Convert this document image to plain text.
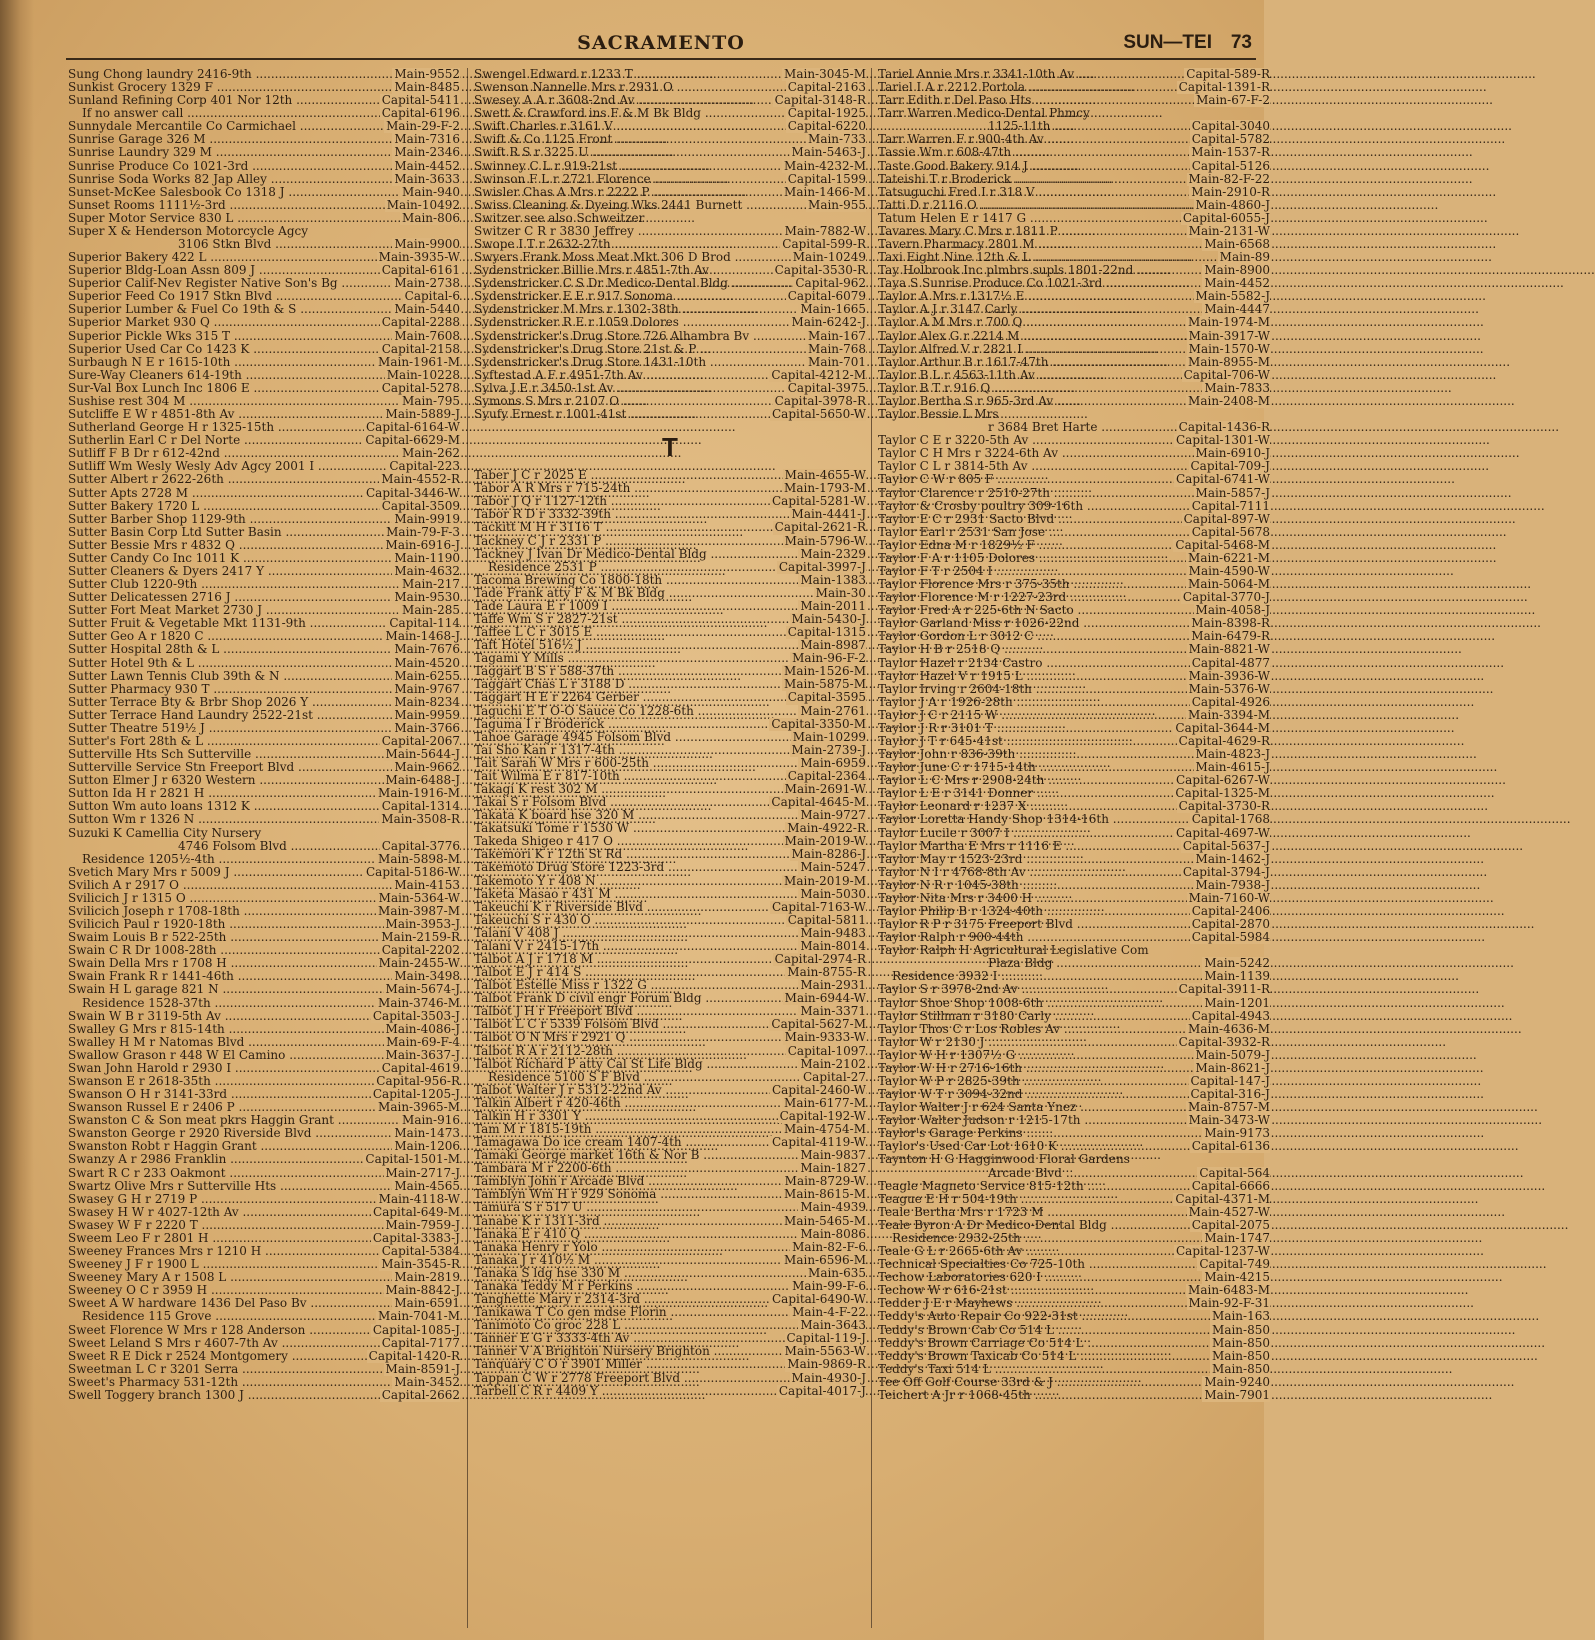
SACRAMENTO	SUN—TEI 73
Sung Chong laundry 2416-9th .....	Main-9552
Sunkist Grocery 1329 F .....	Main-8485
Sunland Refining Corp 401 Nor 12th .....	Capital-5411
If no answer call .....	Capital-6196
Sunnydale Mercantile Co Carmichael .....	Main-29-F-2
Sunrise Garage 326 M .....	Main-7316
Sunrise Laundry 329 M .....	Main-2346
Sunrise Produce Co 1021-3rd .....	Main-4452
Sunrise Soda Works 82 Jap Alley .....	Main-3633
Sunset-McKee Salesbook Co 1318 J .....	Main-940
Sunset Rooms 1111½-3rd .....	Main-10492
Super Motor Service 830 L .....	Main-806
Super X & Henderson Motorcycle Agcy
3106 Stkn Blvd .....	Main-9900
Superior Bakery 422 L .....	Main-3935-W
Superior Bldg-Loan Assn 809 J .....	Capital-6161
Superior Calif-Nev Register Native Son's Bg .....	Main-2738
Superior Feed Co 1917 Stkn Blvd .....	Capital-6
Superior Lumber & Fuel Co 19th & S .....	Main-5440
Superior Market 930 Q .....	Capital-2288
Superior Pickle Wks 315 T .....	Main-7608
Superior Used Car Co 1423 K .....	Capital-2158
Surbaugh N E r 1615-10th .....	Main-1961-M
Sure-Way Cleaners 614-19th .....	Main-10228
Sur-Val Box Lunch Inc 1806 E .....	Capital-5278
Sushise rest 304 M .....	Main-795
Sutcliffe E W r 4851-8th Av .....	Main-5889-J
Sutherland George H r 1325-15th .....	Capital-6164-W
Sutherlin Earl C r Del Norte .....	Capital-6629-M
Sutliff F B Dr r 612-42nd .....	Main-262
Sutliff Wm Wesly Wesly Adv Agcy 2001 I .....	Capital-223
Sutter Albert r 2622-26th .....	Main-4552-R
Sutter Apts 2728 M .....	Capital-3446-W
Sutter Bakery 1720 L .....	Capital-3509
Sutter Barber Shop 1129-9th .....	Main-9919
Sutter Basin Corp Ltd Sutter Basin .....	Main-79-F-3
Sutter Bessie Mrs r 4832 Q .....	Main-6916-J
Sutter Candy Co Inc 1011 K .....	Main-1190
Sutter Cleaners & Dyers 2417 Y .....	Main-4632
Sutter Club 1220-9th .....	Main-217
Sutter Delicatessen 2716 J .....	Main-9530
Sutter Fort Meat Market 2730 J .....	Main-285
Sutter Fruit & Vegetable Mkt 1131-9th .....	Capital-114
Sutter Geo A r 1820 C .....	Main-1468-J
Sutter Hospital 28th & L .....	Main-7676
Sutter Hotel 9th & L .....	Main-4520
Sutter Lawn Tennis Club 39th & N .....	Main-6255
Sutter Pharmacy 930 T .....	Main-9767
Sutter Terrace Bty & Brbr Shop 2026 Y .....	Main-8234
Sutter Terrace Hand Laundry 2522-21st .....	Main-9959
Sutter Theatre 519½ J .....	Main-3766
Sutter's Fort 28th & L .....	Capital-2067
Sutterville Hts Sch Sutterville .....	Main-5644-J
Sutterville Service Stn Freeport Blvd .....	Main-9662
Sutton Elmer J r 6320 Western .....	Main-6488-J
Sutton Ida H r 2821 H .....	Main-1916-M
Sutton Wm auto loans 1312 K .....	Capital-1314
Sutton Wm r 1326 N .....	Main-3508-R
Suzuki K Camellia City Nursery
4746 Folsom Blvd .....	Capital-3776
Residence 1205½-4th .....	Main-5898-M
Svetich Mary Mrs r 5009 J .....	Capital-5186-W
Svilich A r 2917 O .....	Main-4153
Svilicich J r 1315 O .....	Main-5364-W
Svilicich Joseph r 1708-18th .....	Main-3987-M
Svilicich Paul r 1920-18th .....	Main-3953-J
Swaim Louis B r 522-25th .....	Main-2159-R
Swain C R Dr 1008-28th .....	Capital-2202
Swain Della Mrs r 1708 H .....	Main-2455-W
Swain Frank R r 1441-46th .....	Main-3498
Swain H L garage 821 N .....	Main-5674-J
Residence 1528-37th .....	Main-3746-M
Swain W B r 3119-5th Av .....	Capital-3503-J
Swalley G Mrs r 815-14th .....	Main-4086-J
Swalley H M r Natomas Blvd .....	Main-69-F-4
Swallow Grason r 448 W El Camino .....	Main-3637-J
Swan John Harold r 2930 I .....	Capital-4619
Swanson E r 2618-35th .....	Capital-956-R
Swanson O H r 3141-33rd .....	Capital-1205-J
Swanson Russel E r 2406 P .....	Main-3965-M
Swanston C & Son meat pkrs Haggin Grant .....	Main-916
Swanston George r 2920 Riverside Blvd .....	Main-1473
Swanston Robt r Haggin Grant .....	Main-1206
Swanzy A r 2986 Franklin .....	Capital-1501-M
Swart R C r 233 Oakmont .....	Main-2717-J
Swartz Olive Mrs r Sutterville Hts .....	Main-4565
Swasey G H r 2719 P .....	Main-4118-W
Swasey H W r 4027-12th Av .....	Capital-649-M
Swasey W F r 2220 T .....	Main-7959-J
Sweem Leo F r 2801 H .....	Capital-3383-J
Sweeney Frances Mrs r 1210 H .....	Capital-5384
Sweeney J F r 1900 L .....	Main-3545-R
Sweeney Mary A r 1508 L .....	Main-2819
Sweeney O C r 3959 H .....	Main-8842-J
Sweet A W hardware 1436 Del Paso Bv .....	Main-6591
Residence 115 Grove .....	Main-7041-M
Sweet Florence W Mrs r 128 Anderson .....	Capital-1085-J
Sweet Leland S Mrs r 4607-7th Av .....	Capital-7177
Sweet R E Dick r 2524 Montgomery .....	Capital-1420-R
Sweetman L C r 3201 Serra .....	Main-8591-J
Sweet's Pharmacy 531-12th .....	Main-3452
Swell Toggery branch 1300 J .....	Capital-2662
Swengel Edward r 1233 T .....	Main-3045-M
Swenson Nannelle Mrs r 2931 O .....	Capital-2163
Swesey A A r 3608-2nd Av .....	Capital-3148-R
Swett & Crawford ins F & M Bk Bldg .....	Capital-1925
Swift Charles r 3161 V .....	Capital-6220
Swift & Co 1125 Front .....	Main-733
Swift R S r 3225 U .....	Main-5463-J
Swinney C L r 919-21st .....	Main-4232-M
Swinson F L r 2721 Florence .....	Capital-1599
Swisler Chas A Mrs r 2222 P .....	Main-1466-M
Swiss Cleaning & Dyeing Wks 2441 Burnett .....	Main-955
Switzer see also Schweitzer
Switzer C R r 3830 Jeffrey .....	Main-7882-W
Swope I T r 2632-27th .....	Capital-599-R
Swyers Frank Moss Meat Mkt 306 D Brod .....	Main-10249
Sydenstricker Billie Mrs r 4851-7th Av .....	Capital-3530-R
Sydenstricker C S Dr Medico-Dental Bldg .....	Capital-962
Sydenstricker E E r 917 Sonoma .....	Capital-6079
Sydenstricker M Mrs r 1302-38th .....	Main-1665
Sydenstricker R E r 1059 Dolores .....	Main-6242-J
Sydenstricker's Drug Store 726 Alhambra Bv .....	Main-167
Sydenstricker's Drug Store 21st & P .....	Main-768
Sydenstricker's Drug Store 1431-10th .....	Main-701
Syftestad A F r 4951-7th Av .....	Capital-4212-M
Sylva J E r 3450-1st Av .....	Capital-3975
Symons S Mrs r 2107 O .....	Capital-3978-R
Syufy Ernest r 1001-41st .....	Capital-5650-W
T
Taber J C r 2025 E .....	Main-4655-W
Tabor A R Mrs r 715-24th .....	Main-1793-M
Tabor J Q r 1127-12th .....	Capital-5281-W
Tabor R D r 3332-39th .....	Main-4441-J
Tackitt M H r 3116 T .....	Capital-2621-R
Tackney C J r 2331 P .....	Main-5796-W
Tackney J Ivan Dr Medico-Dental Bldg .....	Main-2329
Residence 2531 P .....	Capital-3997-J
Tacoma Brewing Co 1800-18th .....	Main-1383
Tade Frank atty F & M Bk Bldg .....	Main-30
Tade Laura E r 1009 I .....	Main-2011
Taffe Wm S r 2827-21st .....	Main-5430-J
Taffee L C r 3015 E .....	Capital-1315
Taft Hotel 516½ J .....	Main-8987
Tagami Y Mills .....	Main-96-F-2
Taggart B S r 588-37th .....	Main-1526-M
Taggart Chas L r 3188 D .....	Main-5875-M
Taggart H E r 2264 Gerber .....	Capital-3595
Taguchi E T O-O Sauce Co 1228-6th .....	Main-2761
Taguma I r Broderick .....	Capital-3350-M
Tahoe Garage 4945 Folsom Blvd .....	Main-10299
Tai Sho Kan r 1317-4th .....	Main-2739-J
Tait Sarah W Mrs r 600-25th .....	Main-6959
Tait Wilma E r 817-10th .....	Capital-2364
Takagi K rest 302 M .....	Main-2691-W
Takai S r Folsom Blvd .....	Capital-4645-M
Takata K board hse 320 M .....	Main-9727
Takatsuki Tome r 1530 W .....	Main-4922-R
Takeda Shigeo r 417 O .....	Main-2019-W
Takemori K r 12th St Rd .....	Main-8286-J
Takemoto Drug Store 1223-3rd .....	Main-5247
Takemoto Y r 408 N .....	Main-2019-M
Taketa Masao r 431 M .....	Main-5030
Takeuchi K r Riverside Blvd .....	Capital-7163-W
Takeuchi S r 430 O .....	Capital-5811
Talani V 408 J .....	Main-9483
Talani V r 2415-17th .....	Main-8014
Talbot A J r 1718 M .....	Capital-2974-R
Talbot E J r 414 S .....	Main-8755-R
Talbot Estelle Miss r 1322 G .....	Main-2931
Talbot Frank D civil engr Forum Bldg .....	Main-6944-W
Talbot J H r Freeport Blvd .....	Main-3371
Talbot L C r 5339 Folsom Blvd .....	Capital-5627-M
Talbot O N Mrs r 2921 Q .....	Main-9333-W
Talbot R A r 2112-28th .....	Capital-1097
Talbot Richard P atty Cal St Life Bldg .....	Main-2102
Residence 5100 S F Blvd .....	Capital-27
Talbot Walter J r 5312-22nd Av .....	Capital-2460-W
Talkin Albert r 420-46th .....	Main-6177-M
Talkin H r 3301 Y .....	Capital-192-W
Tam M r 1815-19th .....	Main-4754-M
Tamagawa Do ice cream 1407-4th .....	Capital-4119-W
Tamaki George market 16th & Nor B .....	Main-9837
Tambara M r 2200-6th .....	Main-1827
Tamblyn John r Arcade Blvd .....	Main-8729-W
Tamblyn Wm H r 929 Sonoma .....	Main-8615-M
Tamura S r 517 U .....	Main-4939
Tanabe K r 1311-3rd .....	Main-5465-M
Tanaka E r 410 Q .....	Main-8086
Tanaka Henry r Yolo .....	Main-82-F-6
Tanaka J r 410½ M .....	Main-6596-M
Tanaka S ldg hse 330 M .....	Main-635
Tanaka Teddy M r Perkins .....	Main-99-F-6
Tanghette Mary r 2314-3rd .....	Capital-6490-W
Tanikawa T Co gen mdse Florin .....	Main-4-F-22
Tanimoto Co groc 228 L .....	Main-3643
Tanner E G r 3333-4th Av .....	Capital-119-J
Tanner V A Brighton Nursery Brighton .....	Main-5563-W
Tanquary C O r 3901 Miller .....	Main-9869-R
Tappan C W r 2778 Freeport Blvd .....	Main-4930-J
Tarbell C R r 4409 Y .....	Capital-4017-J
Tariel Annie Mrs r 3341-10th Av .....	Capital-589-R
Tariel I A r 2212 Portola .....	Capital-1391-R
Tarr Edith r Del Paso Hts .....	Main-67-F-2
Tarr Warren Medico-Dental Phmcy
1125-11th .....	Capital-3040
Tarr Warren F r 900-4th Av .....	Capital-5782
Tassie Wm r 608-47th .....	Main-1537-R
Taste Good Bakery 914 J .....	Capital-5126
Tateishi T r Broderick .....	Main-82-F-22
Tatsuguchi Fred I r 318 V .....	Main-2910-R
Tatti D r 2116 O .....	Main-4860-J
Tatum Helen E r 1417 G .....	Capital-6055-J
Tavares Mary C Mrs r 1811 P .....	Main-2131-W
Tavern Pharmacy 2801 M .....	Main-6568
Taxi Eight Nine 12th & L .....	Main-89
Tay Holbrook Inc plmbrs supls 1801-22nd .....	Main-8900
Taya S Sunrise Produce Co 1021-3rd .....	Main-4452
Taylor A Mrs r 1317½ E .....	Main-5582-J
Taylor A J r 3147 Carly .....	Main-4447
Taylor A M Mrs r 700 Q .....	Main-1974-M
Taylor Alex G r 2214 M .....	Main-3917-W
Taylor Alfred V r 2821 I .....	Main-1570-W
Taylor Arthur B r 1617-47th .....	Main-8955-M
Taylor B L r 4563-11th Av .....	Capital-706-W
Taylor B T r 916 Q .....	Main-7833
Taylor Bertha S r 965-3rd Av .....	Main-2408-M
Taylor Bessie L Mrs
r 3684 Bret Harte .....	Capital-1436-R
Taylor C E r 3220-5th Av .....	Capital-1301-W
Taylor C H Mrs r 3224-6th Av .....	Main-6910-J
Taylor C L r 3814-5th Av .....	Capital-709-J
Taylor C W r 805 F .....	Capital-6741-W
Taylor Clarence r 2510-27th .....	Main-5857-J
Taylor & Crosby poultry 309-16th .....	Capital-7111
Taylor E C r 2931 Sacto Blvd .....	Capital-897-W
Taylor Earl r 2531 San Jose .....	Capital-5678
Taylor Edna M r 1829½ F .....	Capital-5468-M
Taylor F A r 1105 Dolores .....	Main-6221-M
Taylor F T r 2504 I .....	Main-4590-W
Taylor Florence Mrs r 375-35th .....	Main-5064-M
Taylor Florence M r 1227-23rd .....	Capital-3770-J
Taylor Fred A r 225-6th N Sacto .....	Main-4058-J
Taylor Garland Miss r 1026-22nd .....	Main-8398-R
Taylor Gordon L r 3012 C .....	Main-6479-R
Taylor H B r 2518 Q .....	Main-8821-W
Taylor Hazel r 2134 Castro .....	Capital-4877
Taylor Hazel V r 1915 L .....	Main-3936-W
Taylor Irving r 2604-18th .....	Main-5376-W
Taylor J A r 1926-28th .....	Capital-4926
Taylor J C r 2115 W .....	Main-3394-M
Taylor J R r 3101 T .....	Capital-3644-M
Taylor J T r 645-41st .....	Capital-4629-R
Taylor John r 836-39th .....	Main-4823-J
Taylor June C r 1715-14th .....	Main-4615-J
Taylor L C Mrs r 2908-24th .....	Capital-6267-W
Taylor L E r 3141 Donner .....	Capital-1325-M
Taylor Leonard r 1237 X .....	Capital-3730-R
Taylor Loretta Handy Shop 1314-16th .....	Capital-1768
Taylor Lucile r 3007 I .....	Capital-4697-W
Taylor Martha E Mrs r 1116 E .....	Capital-5637-J
Taylor May r 1523-23rd .....	Main-1462-J
Taylor N I r 4768-8th Av .....	Capital-3794-J
Taylor N R r 1045-38th .....	Main-7938-J
Taylor Nita Mrs r 3400 H .....	Main-7160-W
Taylor Philip B r 1324-40th .....	Capital-2406
Taylor R P r 3175 Freeport Blvd .....	Capital-2870
Taylor Ralph r 900-44th .....	Capital-5984
Taylor Ralph H Agricultural Legislative Com
Plaza Bldg .....	Main-5242
Residence 3932 I .....	Main-1139
Taylor S r 3978-2nd Av .....	Capital-3911-R
Taylor Shoe Shop 1008-6th .....	Main-1201
Taylor Stillman r 3180 Carly .....	Capital-4943
Taylor Thos C r Los Robles Av .....	Main-4636-M
Taylor W r 2130 J .....	Capital-3932-R
Taylor W H r 1307½ G .....	Main-5079-J
Taylor W H r 2716-16th .....	Main-8621-J
Taylor W P r 2825-39th .....	Capital-147-J
Taylor W T r 3094-32nd .....	Capital-316-J
Taylor Walter J r 624 Santa Ynez .....	Main-8757-M
Taylor Walter Judson r 1215-17th .....	Main-3473-W
Taylor's Garage Perkins .....	Main-9173
Taylor's Used Car Lot 1610 K .....	Capital-6136
Taynton H G Hagginwood Floral Gardens
Arcade Blvd .....	Capital-564
Teagle Magneto Service 815-12th .....	Capital-6666
Teague E H r 504-19th .....	Capital-4371-M
Teale Bertha Mrs r 1723 M .....	Main-4527-W
Teale Byron A Dr Medico-Dental Bldg .....	Capital-2075
Residence 2932-25th .....	Main-1747
Teale G L r 2665-6th Av .....	Capital-1237-W
Technical Specialties Co 725-10th .....	Capital-749
Techow Laboratories 620 I .....	Main-4215
Techow W r 616-21st .....	Main-6483-M
Tedder J E r Mayhews .....	Main-92-F-31
Teddy's Auto Repair Co 922-31st .....	Main-163
Teddy's Brown Cab Co 514 L .....	Main-850
Teddy's Brown Carriage Co 514 L .....	Main-850
Teddy's Brown Taxicab Co 514 L .....	Main-850
Teddy's Taxi 514 L .....	Main-850
Tee Off Golf Course 33rd & J .....	Main-9240
Teichert A Jr r 1068-45th .....	Main-7901
